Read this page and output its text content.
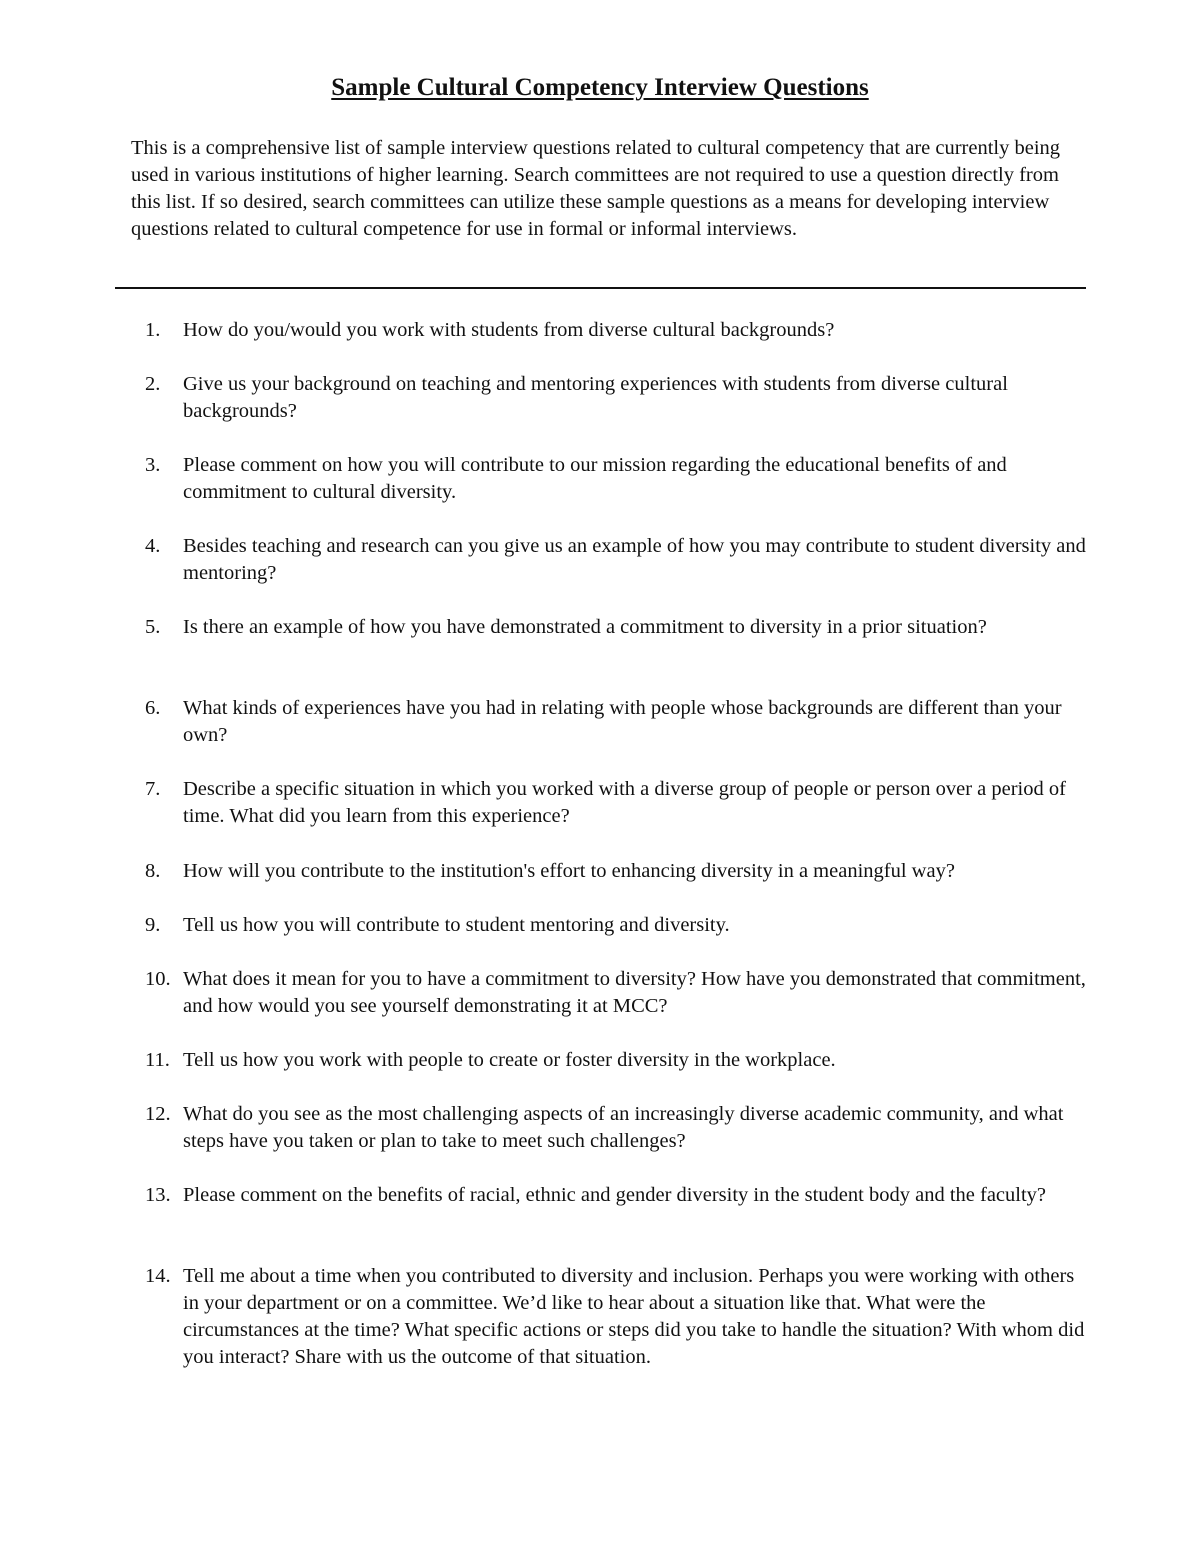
Sample Cultural Competency Interview Questions

This is a comprehensive list of sample interview questions related to cultural competency that are currently being used in various institutions of higher learning. Search committees are not required to use a question directly from this list. If so desired, search committees can utilize these sample questions as a means for developing interview questions related to cultural competence for use in formal or informal interviews.

1.	How do you/would you work with students from diverse cultural backgrounds?
2.	Give us your background on teaching and mentoring experiences with students from diverse cultural backgrounds?
3.	Please comment on how you will contribute to our mission regarding the educational benefits of and commitment to cultural diversity.
4.	Besides teaching and research can you give us an example of how you may contribute to student diversity and mentoring?
5.	Is there an example of how you have demonstrated a commitment to diversity in a prior situation?
6.	What kinds of experiences have you had in relating with people whose backgrounds are different than your own?
7.	Describe a specific situation in which you worked with a diverse group of people or person over a period of time. What did you learn from this experience?
8.	How will you contribute to the institution's effort to enhancing diversity in a meaningful way?
9.	Tell us how you will contribute to student mentoring and diversity.
10. What does it mean for you to have a commitment to diversity? How have you demonstrated that commitment, and how would you see yourself demonstrating it at MCC?
11. Tell us how you work with people to create or foster diversity in the workplace.
12. What do you see as the most challenging aspects of an increasingly diverse academic community, and what steps have you taken or plan to take to meet such challenges?
13. Please comment on the benefits of racial, ethnic and gender diversity in the student body and the faculty?
14. Tell me about a time when you contributed to diversity and inclusion. Perhaps you were working with others in your department or on a committee. We’d like to hear about a situation like that. What were the circumstances at the time? What specific actions or steps did you take to handle the situation? With whom did you interact? Share with us the outcome of that situation.
